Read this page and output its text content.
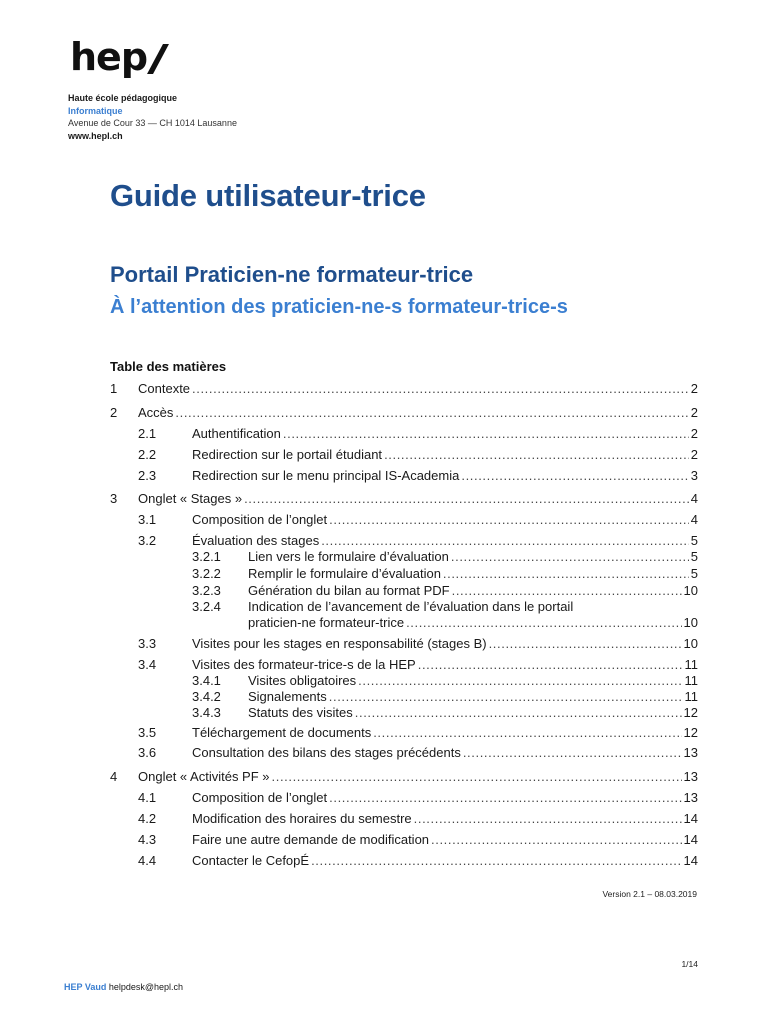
hep
Haute école pédagogique
Informatique
Avenue de Cour 33 — CH 1014 Lausanne
www.hepl.ch
Guide utilisateur-trice
Portail Praticien-ne formateur-trice
À l’attention des praticien-ne-s formateur-trice-s
Table des matières
1	Contexte .....	2
2	Accès .....	2
2.1	Authentification .....	2
2.2	Redirection sur le portail étudiant .....	2
2.3	Redirection sur le menu principal IS-Academia .....	3
3	Onglet « Stages » .....	4
3.1	Composition de l’onglet .....	4
3.2	Évaluation des stages .....	5
3.2.1	Lien vers le formulaire d’évaluation .....	5
3.2.2	Remplir le formulaire d’évaluation .....	5
3.2.3	Génération du bilan au format PDF .....	10
3.2.4	Indication de l’avancement de l’évaluation dans le portail
praticien-ne formateur-trice .....	10
3.3	Visites pour les stages en responsabilité (stages B) .....	10
3.4	Visites des formateur-trice-s de la HEP .....	11
3.4.1	Visites obligatoires .....	11
3.4.2	Signalements .....	11
3.4.3	Statuts des visites .....	12
3.5	Téléchargement de documents .....	12
3.6	Consultation des bilans des stages précédents .....	13
4	Onglet « Activités PF » .....	13
4.1	Composition de l’onglet .....	13
4.2	Modification des horaires du semestre .....	14
4.3	Faire une autre demande de modification .....	14
4.4	Contacter le CefopÉ .....	14
Version 2.1 – 08.03.2019
1/14
HEP Vaud helpdesk@hepl.ch
